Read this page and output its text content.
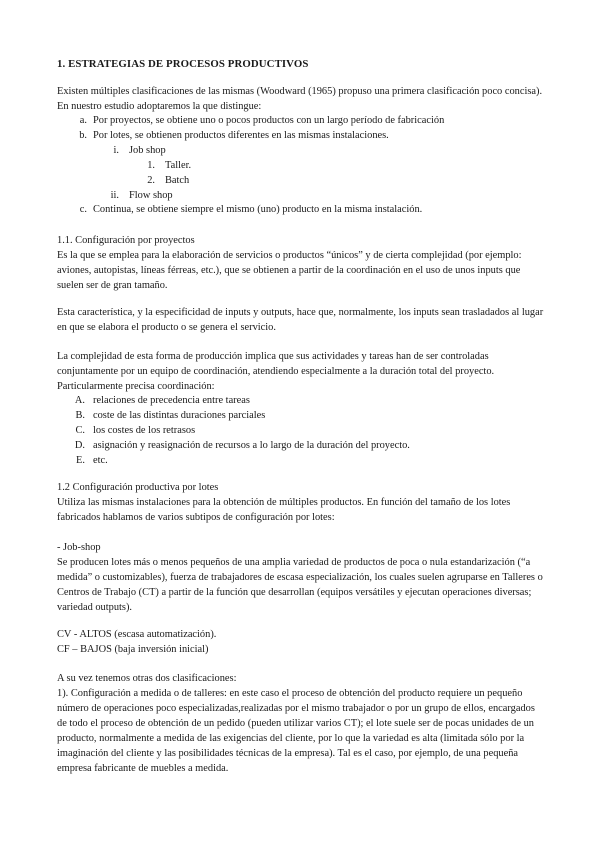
1. ESTRATEGIAS DE PROCESOS PRODUCTIVOS

Existen múltiples clasificaciones de las mismas (Woodward (1965) propuso una primera clasificación poco concisa). En nuestro estudio adoptaremos la que distingue:

a. Por proyectos, se obtiene uno o pocos productos con un largo período de fabricación
b. Por lotes, se obtienen productos diferentes en las mismas instalaciones.
i. Job shop
1. Taller.
2. Batch
ii. Flow shop
c. Continua, se obtiene siempre el mismo (uno) producto en la misma instalación.

1.1. Configuración por proyectos

Es la que se emplea para la elaboración de servicios o productos “únicos” y de cierta complejidad (por ejemplo: aviones, autopistas, líneas férreas, etc.), que se obtienen a partir de la coordinación en el uso de unos inputs que suelen ser de gran tamaño.

Esta característica, y la especificidad de inputs y outputs, hace que, normalmente, los inputs sean trasladados al lugar en que se elabora el producto o se genera el servicio.

La complejidad de esta forma de producción implica que sus actividades y tareas han de ser controladas conjuntamente por un equipo de coordinación, atendiendo especialmente a la duración total del proyecto. Particularmente precisa coordinación:

A. relaciones de precedencia entre tareas
B. coste de las distintas duraciones parciales
C. los costes de los retrasos
D. asignación y reasignación de recursos a lo largo de la duración del proyecto.
E. etc.

1.2 Configuración productiva por lotes

Utiliza las mismas instalaciones para la obtención de múltiples productos. En función del tamaño de los lotes fabricados hablamos de varios subtipos de configuración por lotes:

- Job-shop

Se producen lotes más o menos pequeños de una amplia variedad de productos de poca o nula estandarización (“a medida” o customizables), fuerza de trabajadores de escasa especialización, los cuales suelen agruparse en Talleres o Centros de Trabajo (CT) a partir de la función que desarrollan (equipos versátiles y ejecutan operaciones diversas; variedad outputs).

CV - ALTOS (escasa automatización).

CF – BAJOS (baja inversión inicial)

A su vez tenemos otras dos clasificaciones:

1). Configuración a medida o de talleres: en este caso el proceso de obtención del producto requiere un pequeño número de operaciones poco especializadas,realizadas por el mismo trabajador o por un grupo de ellos, encargados de todo el proceso de obtención de un pedido (pueden utilizar varios CT); el lote suele ser de pocas unidades de un producto, normalmente a medida de las exigencias del cliente, por lo que la variedad es alta (limitada sólo por la imaginación del cliente y las posibilidades técnicas de la empresa). Tal es el caso, por ejemplo, de una pequeña empresa fabricante de muebles a medida.
